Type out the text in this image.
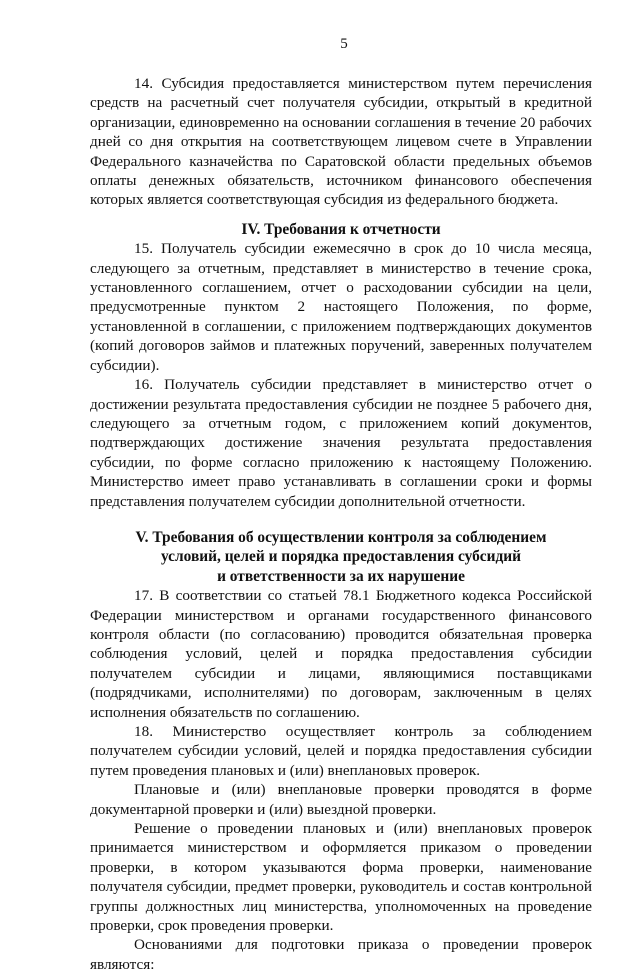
5

14. Субсидия предоставляется министерством путем перечисления средств на расчетный счет получателя субсидии, открытый в кредитной организации, единовременно на основании соглашения в течение 20 рабочих дней со дня открытия на соответствующем лицевом счете в Управлении Федерального казначейства по Саратовской области предельных объемов оплаты денежных обязательств, источником финансового обеспечения которых является соответствующая субсидия из федерального бюджета.

IV. Требования к отчетности

15. Получатель субсидии ежемесячно в срок до 10 числа месяца, следующего за отчетным, представляет в министерство в течение срока, установленного соглашением, отчет о расходовании субсидии на цели, предусмотренные пунктом 2 настоящего Положения, по форме, установленной в соглашении, с приложением подтверждающих документов (копий договоров займов и платежных поручений, заверенных получателем субсидии).

16. Получатель субсидии представляет в министерство отчет о достижении результата предоставления субсидии не позднее 5 рабочего дня, следующего за отчетным годом, с приложением копий документов, подтверждающих достижение значения результата предоставления субсидии, по форме согласно приложению к настоящему Положению. Министерство имеет право устанавливать в соглашении сроки и формы представления получателем субсидии дополнительной отчетности.

V. Требования об осуществлении контроля за соблюдением
условий, целей и порядка предоставления субсидий
и ответственности за их нарушение

17. В соответствии со статьей 78.1 Бюджетного кодекса Российской Федерации министерством и органами государственного финансового контроля области (по согласованию) проводится обязательная проверка соблюдения условий, целей и порядка предоставления субсидии получателем субсидии и лицами, являющимися поставщиками (подрядчиками, исполнителями) по договорам, заключенным в целях исполнения обязательств по соглашению.

18. Министерство осуществляет контроль за соблюдением получателем субсидии условий, целей и порядка предоставления субсидии путем проведения плановых и (или) внеплановых проверок.

Плановые и (или) внеплановые проверки проводятся в форме документарной проверки и (или) выездной проверки.

Решение о проведении плановых и (или) внеплановых проверок принимается министерством и оформляется приказом о проведении проверки, в котором указываются форма проверки, наименование получателя субсидии, предмет проверки, руководитель и состав контрольной группы должностных лиц министерства, уполномоченных на проведение проверки, срок проведения проверки.

Основаниями для подготовки приказа о проведении проверок являются:
